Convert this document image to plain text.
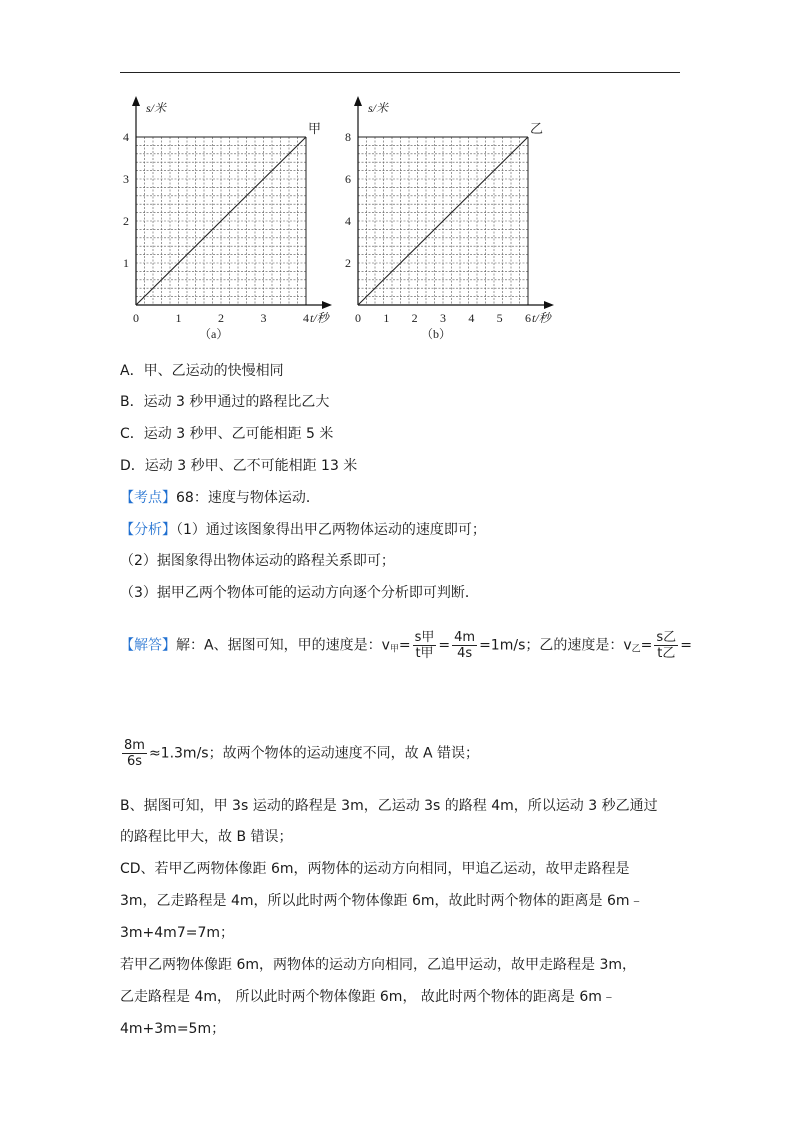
s/米
0	1	2	3	4 t/秒
1
2
3
4
甲
（a）
s/米
0 1 2 3 4 5 6 t/秒
2
4
6
8
乙
（b）
A．甲、乙运动的快慢相同
B．运动 3 秒甲通过的路程比乙大
C．运动 3 秒甲、乙可能相距 5 米
D．运动 3 秒甲、乙不可能相距 13 米
【考点】68：速度与物体运动．
【分析】（1）通过该图象得出甲乙两物体运动的速度即可；
（2）据图象得出物体运动的路程关系即可；
（3）据甲乙两个物体可能的运动方向逐个分析即可判断．
【解答】解：A、据图可知，甲的速度是：$v_甲= \frac{\text{s甲}}{\text{t甲}} = \frac{4m}{4s} =1m/s$；乙的速度是：$v_乙= \frac{\text{s乙}}{\text{t乙}}$ =
$\frac{8m}{6s} \approx 1.3m/s$；故两个物体的运动速度不同，故 A 错误；
B、据图可知，甲 3s 运动的路程是 3m，乙运动 3s 的路程 4m，所以运动 3 秒乙通过
的路程比甲大，故 B 错误；
CD、若甲乙两物体像距 6m，两物体的运动方向相同，甲追乙运动，故甲走路程是
3m，乙走路程是 4m，所以此时两个物体像距 6m，故此时两个物体的距离是 6m﹣
3m+4m7=7m；
若甲乙两物体像距 6m，两物体的运动方向相同，乙追甲运动，故甲走路程是 3m，
乙走路程是 4m， 所以此时两个物体像距 6m， 故此时两个物体的距离是 6m﹣
4m+3m=5m；
